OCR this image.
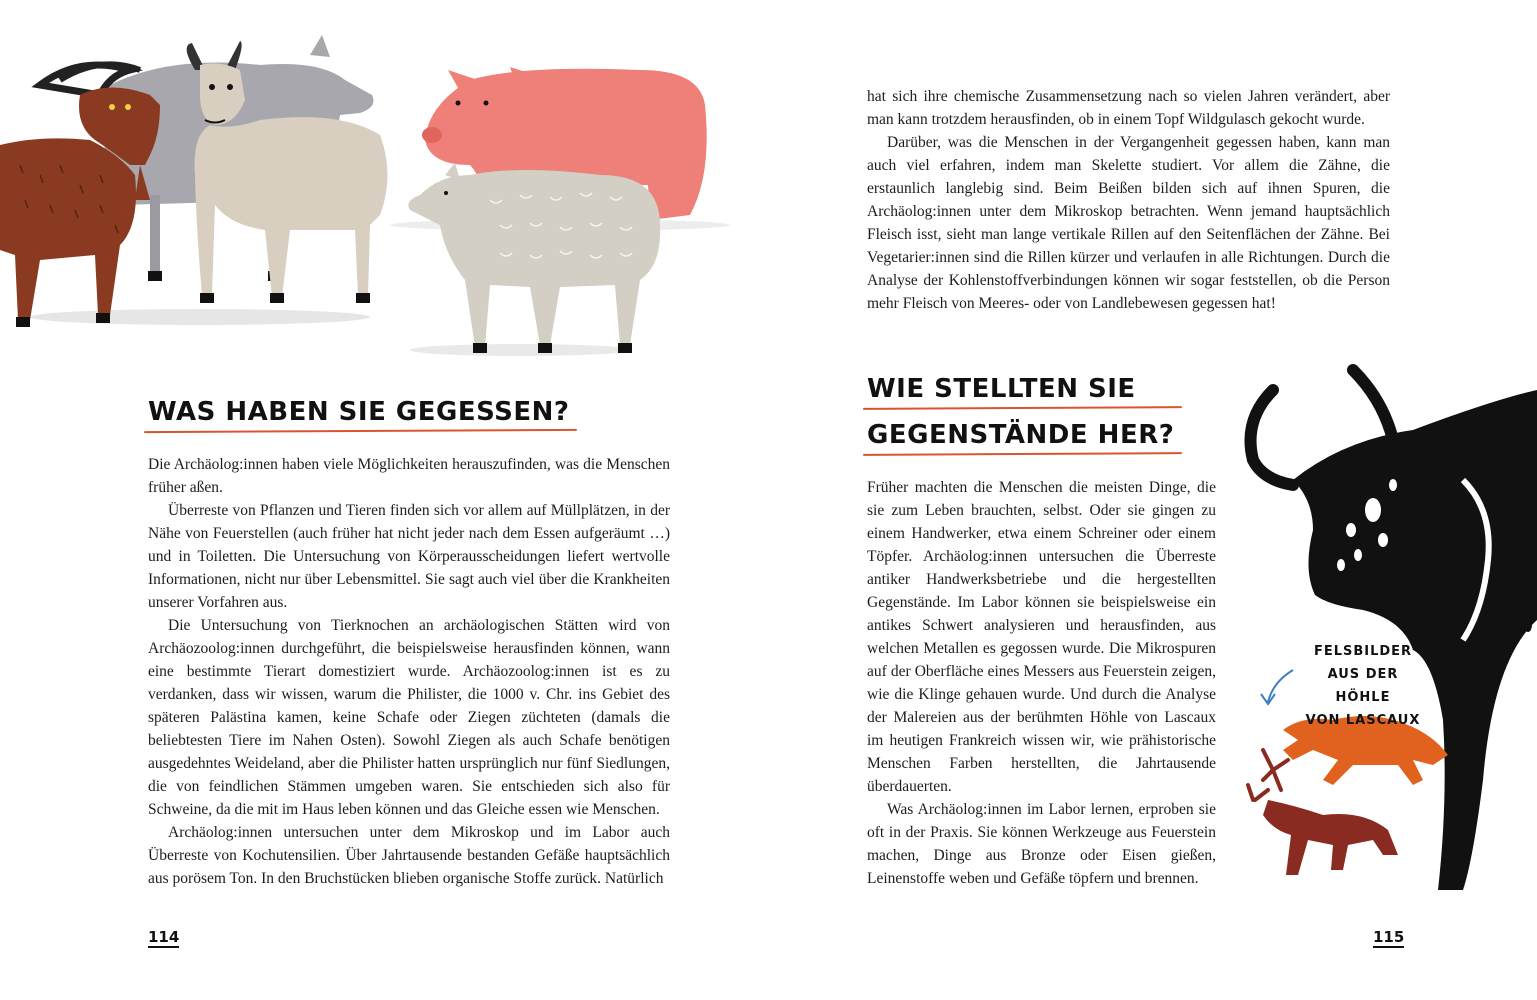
WAS HABEN SIE GEGESSEN?

Die Archäolog:innen haben viele Möglichkeiten herauszufinden, was die Menschen früher aßen.

Überreste von Pflanzen und Tieren finden sich vor allem auf Müllplätzen, in der Nähe von Feuerstellen (auch früher hat nicht jeder nach dem Essen aufgeräumt …) und in Toiletten. Die Untersuchung von Körperausscheidungen liefert wertvolle Informationen, nicht nur über Lebensmittel. Sie sagt auch viel über die Krankheiten unserer Vorfahren aus.

Die Untersuchung von Tierknochen an archäologischen Stätten wird von Archäozoolog:innen durchgeführt, die beispielsweise herausfinden können, wann eine bestimmte Tierart domestiziert wurde. Archäozoolog:innen ist es zu verdanken, dass wir wissen, warum die Philister, die 1000 v. Chr. ins Gebiet des späteren Palästina kamen, keine Schafe oder Ziegen züchteten (damals die beliebtesten Tiere im Nahen Osten). Sowohl Ziegen als auch Schafe benötigen ausgedehntes Weideland, aber die Philister hatten ursprünglich nur fünf Siedlungen, die von feindlichen Stämmen umgeben waren. Sie entschieden sich also für Schweine, da die mit im Haus leben können und das Gleiche essen wie Menschen.

Archäolog:innen untersuchen unter dem Mikroskop und im Labor auch Überreste von Kochutensilien. Über Jahrtausende bestanden Gefäße hauptsächlich aus porösem Ton. In den Bruchstücken blieben organische Stoffe zurück. Natürlich

114

hat sich ihre chemische Zusammensetzung nach so vielen Jahren verändert, aber man kann trotzdem herausfinden, ob in einem Topf Wildgulasch gekocht wurde.

Darüber, was die Menschen in der Vergangenheit gegessen haben, kann man auch viel erfahren, indem man Skelette studiert. Vor allem die Zähne, die erstaunlich langlebig sind. Beim Beißen bilden sich auf ihnen Spuren, die Archäolog:innen unter dem Mikroskop betrachten. Wenn jemand hauptsächlich Fleisch isst, sieht man lange vertikale Rillen auf den Seitenflächen der Zähne. Bei Vegetarier:innen sind die Rillen kürzer und verlaufen in alle Richtungen. Durch die Analyse der Kohlenstoffverbindungen können wir sogar feststellen, ob die Person mehr Fleisch von Meeres- oder von Landlebewesen gegessen hat!

WIE STELLTEN SIE
GEGENSTÄNDE HER?

Früher machten die Menschen die meisten Dinge, die sie zum Leben brauchten, selbst. Oder sie gingen zu einem Handwerker, etwa einem Schreiner oder einem Töpfer. Archäolog:innen untersuchen die Überreste antiker Handwerksbetriebe und die hergestellten Gegenstände. Im Labor können sie beispielsweise ein antikes Schwert analysieren und herausfinden, aus welchen Metallen es gegossen wurde. Die Mikrospuren auf der Oberfläche eines Messers aus Feuerstein zeigen, wie die Klinge gehauen wurde. Und durch die Analyse der Malereien aus der berühmten Höhle von Lascaux im heutigen Frankreich wissen wir, wie prähistorische Menschen Farben herstellten, die Jahrtausende überdauerten.

Was Archäolog:innen im Labor lernen, erproben sie oft in der Praxis. Sie können Werkzeuge aus Feuerstein machen, Dinge aus Bronze oder Eisen gießen, Leinenstoffe weben und Gefäße töpfern und brennen.

FELSBILDER
AUS DER HÖHLE
VON LASCAUX
115
